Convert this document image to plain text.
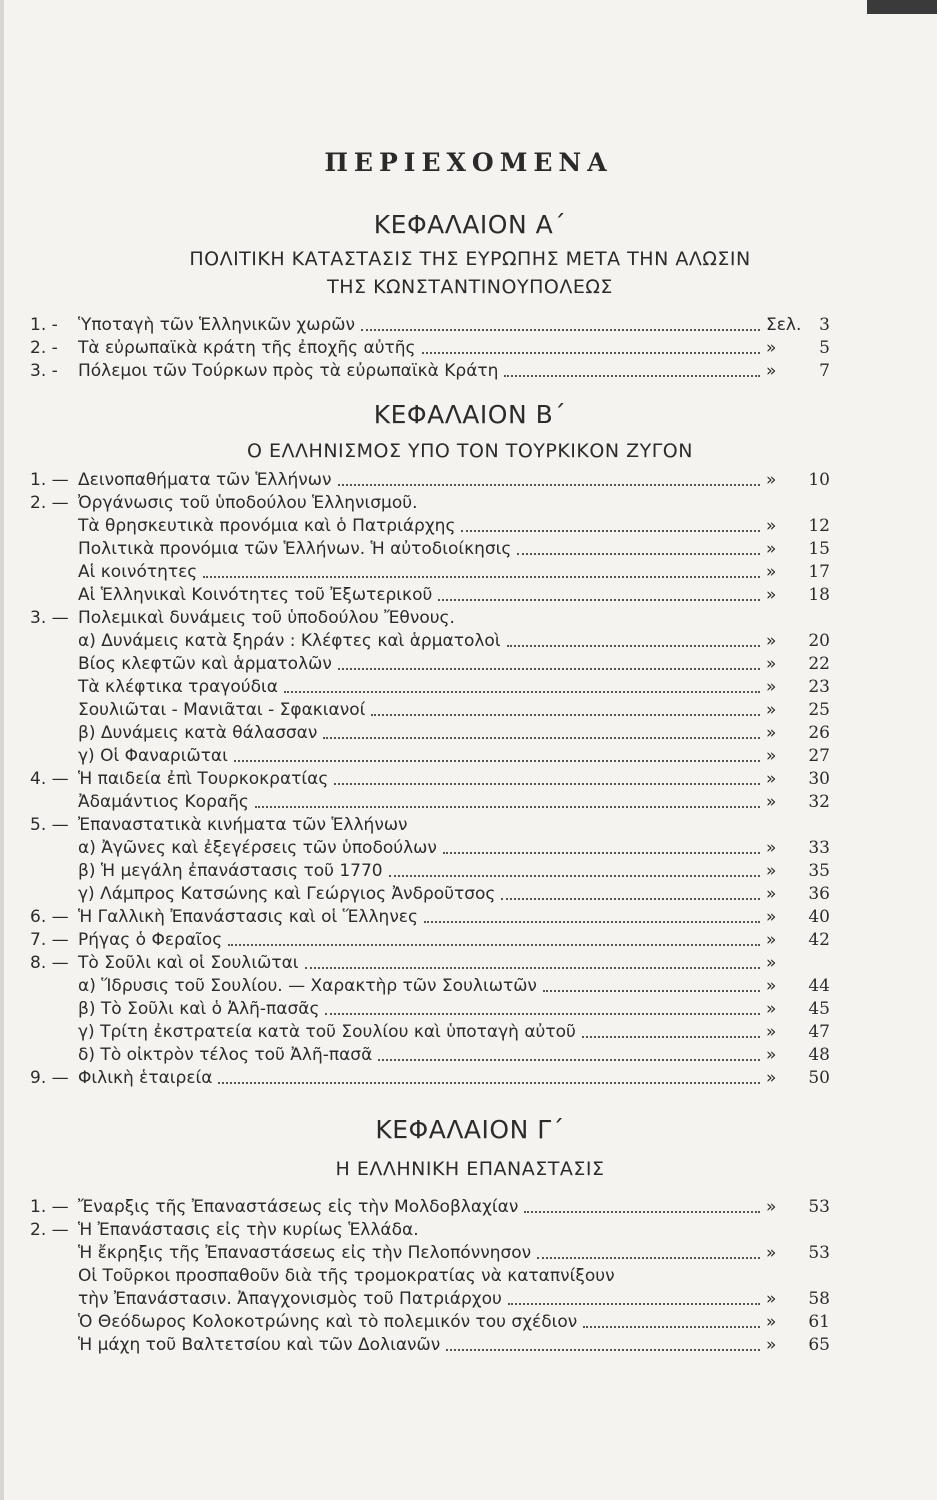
ΠΕΡΙΕΧΟΜΕΝΑ
ΚΕΦΑΛΑΙΟΝ Α΄
ΠΟΛΙΤΙΚΗ ΚΑΤΑΣΤΑΣΙΣ ΤΗΣ ΕΥΡΩΠΗΣ ΜΕΤΑ ΤΗΝ ΑΛΩΣΙΝ
ΤΗΣ ΚΩΝΣΤΑΝΤΙΝΟΥΠΟΛΕΩΣ
1. -	Ὑποταγὴ τῶν Ἑλληνικῶν χωρῶν	Σελ.	3
2. -	Τὰ εὐρωπαϊκὰ κράτη τῆς ἐποχῆς αὐτῆς	»	5
3. -	Πόλεμοι τῶν Τούρκων πρὸς τὰ εὐρωπαϊκὰ Κράτη	»	7
ΚΕΦΑΛΑΙΟΝ Β΄
Ο ΕΛΛΗΝΙΣΜΟΣ ΥΠΟ ΤΟΝ ΤΟΥΡΚΙΚΟΝ ΖΥΓΟΝ
1. — Δεινοπαθήματα τῶν Ἑλλήνων	»	10
2. — Ὀργάνωσις τοῦ ὑποδούλου Ἑλληνισμοῦ.
Τὰ θρησκευτικὰ προνόμια καὶ ὁ Πατριάρχης	»	12
Πολιτικὰ προνόμια τῶν Ἑλλήνων. Ἡ αὐτοδιοίκησις	»	15
Αἱ κοινότητες	»	17
Αἱ Ἑλληνικαὶ Κοινότητες τοῦ Ἐξωτερικοῦ	»	18
3. — Πολεμικαὶ δυνάμεις τοῦ ὑποδούλου Ἔθνους.
α) Δυνάμεις κατὰ ξηράν : Κλέφτες καὶ ἁρματολοὶ	»	20
Βίος κλεφτῶν καὶ ἁρματολῶν	»	22
Τὰ κλέφτικα τραγούδια	»	23
Σουλιῶται - Μανιᾶται - Σφακιανοί	»	25
β) Δυνάμεις κατὰ θάλασσαν	»	26
γ) Οἱ Φαναριῶται	»	27
4. — Ἡ παιδεία ἐπὶ Τουρκοκρατίας	»	30
Ἀδαμάντιος Κοραῆς	»	32
5. — Ἐπαναστατικὰ κινήματα τῶν Ἑλλήνων
α) Ἀγῶνες καὶ ἐξεγέρσεις τῶν ὑποδούλων	»	33
β) Ἡ μεγάλη ἐπανάστασις τοῦ 1770	»	35
γ) Λάμπρος Κατσώνης καὶ Γεώργιος Ἀνδροῦτσος	»	36
6. — Ἡ Γαλλικὴ Ἐπανάστασις καὶ οἱ Ἕλληνες	»	40
7. — Ρήγας ὁ Φεραῖος	»	42
8. — Τὸ Σοῦλι καὶ οἱ Σουλιῶται	»
α) Ἵδρυσις τοῦ Σουλίου. — Χαρακτὴρ τῶν Σουλιωτῶν	»	44
β) Τὸ Σοῦλι καὶ ὁ Ἀλῆ-πασᾶς	»	45
γ) Τρίτη ἐκστρατεία κατὰ τοῦ Σουλίου καὶ ὑποταγὴ αὐτοῦ	»	47
δ) Τὸ οἰκτρὸν τέλος τοῦ Ἀλῆ-πασᾶ	»	48
9. — Φιλικὴ ἑταιρεία	»	50
ΚΕΦΑΛΑΙΟΝ Γ΄
Η ΕΛΛΗΝΙΚΗ ΕΠΑΝΑΣΤΑΣΙΣ
1. — Ἔναρξις τῆς Ἐπαναστάσεως εἰς τὴν Μολδοβλαχίαν	»	53
2. — Ἡ Ἐπανάστασις εἰς τὴν κυρίως Ἑλλάδα.
Ἡ ἔκρηξις τῆς Ἐπαναστάσεως εἰς τὴν Πελοπόννησον	»	53
Οἱ Τοῦρκοι προσπαθοῦν διὰ τῆς τρομοκρατίας νὰ καταπνίξουν
τὴν Ἐπανάστασιν. Ἀπαγχονισμὸς τοῦ Πατριάρχου	»	58
Ὁ Θεόδωρος Κολοκοτρώνης καὶ τὸ πολεμικόν του σχέδιον	»	61
Ἡ μάχη τοῦ Βαλτετσίου καὶ τῶν Δολιανῶν	»	65
